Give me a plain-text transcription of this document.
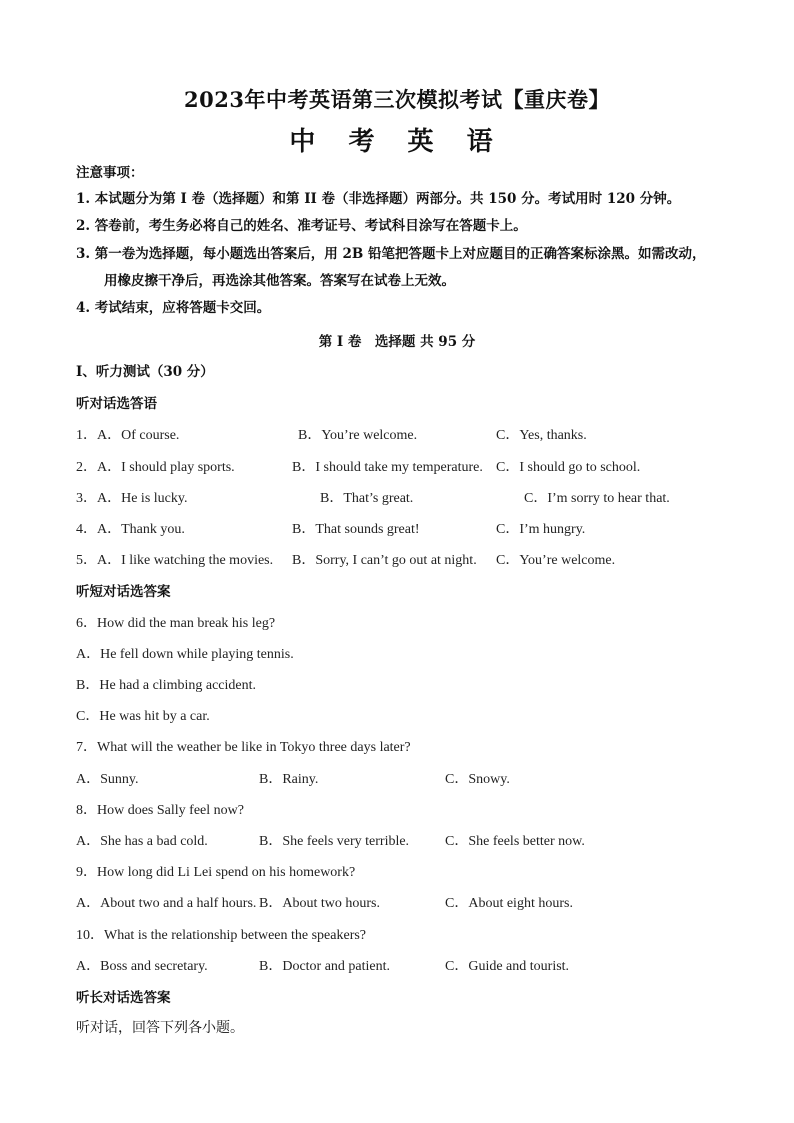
2023年中考英语第三次模拟考试【重庆卷】
中 考 英 语
注意事项：
1. 本试题分为第 I 卷（选择题）和第 II 卷（非选择题）两部分。共 150 分。考试用时 120 分钟。
2. 答卷前，考生务必将自己的姓名、准考证号、考试科目涂写在答题卡上。
3. 第一卷为选择题，每小题选出答案后，用 2B 铅笔把答题卡上对应题目的正确答案标涂黑。如需改动，
用橡皮擦干净后，再选涂其他答案。答案写在试卷上无效。
4. 考试结束，应将答题卡交回。
第 I 卷　选择题 共 95 分
Ⅰ、听力测试（30 分）
听对话选答语
1．A．Of course.	B．You’re welcome.	C．Yes, thanks.
2．A．I should play sports.	B．I should take my temperature. C．I should go to school.
3．A．He is lucky.	B．That’s great.	C．I’m sorry to hear that.
4．A．Thank you.	B．That sounds great!	C．I’m hungry.
5．A．I like watching the movies. B．Sorry, I can’t go out at night. C．You’re welcome.
听短对话选答案
6．How did the man break his leg?
A．He fell down while playing tennis.
B．He had a climbing accident.
C．He was hit by a car.
7．What will the weather be like in Tokyo three days later?
A．Sunny.	B．Rainy.	C．Snowy.
8．How does Sally feel now?
A．She has a bad cold.	B．She feels very terrible.	C．She feels better now.
9．How long did Li Lei spend on his homework?
A．About two and a half hours. B．About two hours.	C．About eight hours.
10．What is the relationship between the speakers?
A．Boss and secretary.	B．Doctor and patient.	C．Guide and tourist.
听长对话选答案
听对话，回答下列各小题。
